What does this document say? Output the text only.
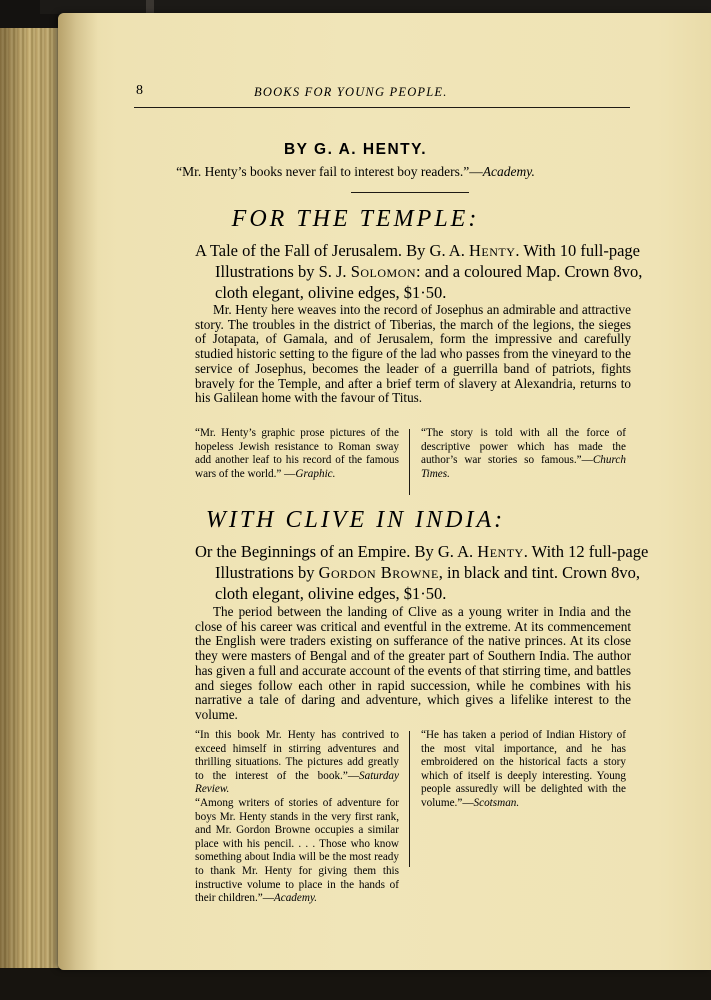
8	BOOKS FOR YOUNG PEOPLE.
BY G. A. HENTY.
“Mr. Henty’s books never fail to interest boy readers.”—Academy.
FOR THE TEMPLE:
A Tale of the Fall of Jerusalem. By G. A. Henty. With 10 full-page Illustrations by S. J. Solomon: and a coloured Map. Crown 8vo, cloth elegant, olivine edges, $1·50.
Mr. Henty here weaves into the record of Josephus an admirable and attractive story. The troubles in the district of Tiberias, the march of the legions, the sieges of Jotapata, of Gamala, and of Jerusalem, form the impressive and carefully studied historic setting to the figure of the lad who passes from the vineyard to the service of Josephus, becomes the leader of a guerrilla band of patriots, fights bravely for the Temple, and after a brief term of slavery at Alexandria, returns to his Galilean home with the favour of Titus.
“Mr. Henty’s graphic prose pictures of the hopeless Jewish resistance to Roman sway add another leaf to his record of the famous wars of the world.” —Graphic.
“The story is told with all the force of descriptive power which has made the author’s war stories so famous.”—Church Times.
WITH CLIVE IN INDIA:
Or the Beginnings of an Empire. By G. A. Henty. With 12 full-page Illustrations by Gordon Browne, in black and tint. Crown 8vo, cloth elegant, olivine edges, $1·50.
The period between the landing of Clive as a young writer in India and the close of his career was critical and eventful in the extreme. At its commencement the English were traders existing on sufferance of the native princes. At its close they were masters of Bengal and of the greater part of Southern India. The author has given a full and accurate account of the events of that stirring time, and battles and sieges follow each other in rapid succession, while he combines with his narrative a tale of daring and adventure, which gives a lifelike interest to the volume.

“In this book Mr. Henty has contrived to exceed himself in stirring adventures and thrilling situations. The pictures add greatly to the interest of the book.”—Saturday Review.

“Among writers of stories of adventure for boys Mr. Henty stands in the very first rank, and Mr. Gordon Browne occupies a similar place with his pencil. . . . Those who know something about India will be the most ready to thank Mr. Henty for giving them this instructive volume to place in the hands of their children.”—Academy.

“He has taken a period of Indian History of the most vital importance, and he has embroidered on the historical facts a story which of itself is deeply interesting. Young people assuredly will be delighted with the volume.”—Scotsman.
